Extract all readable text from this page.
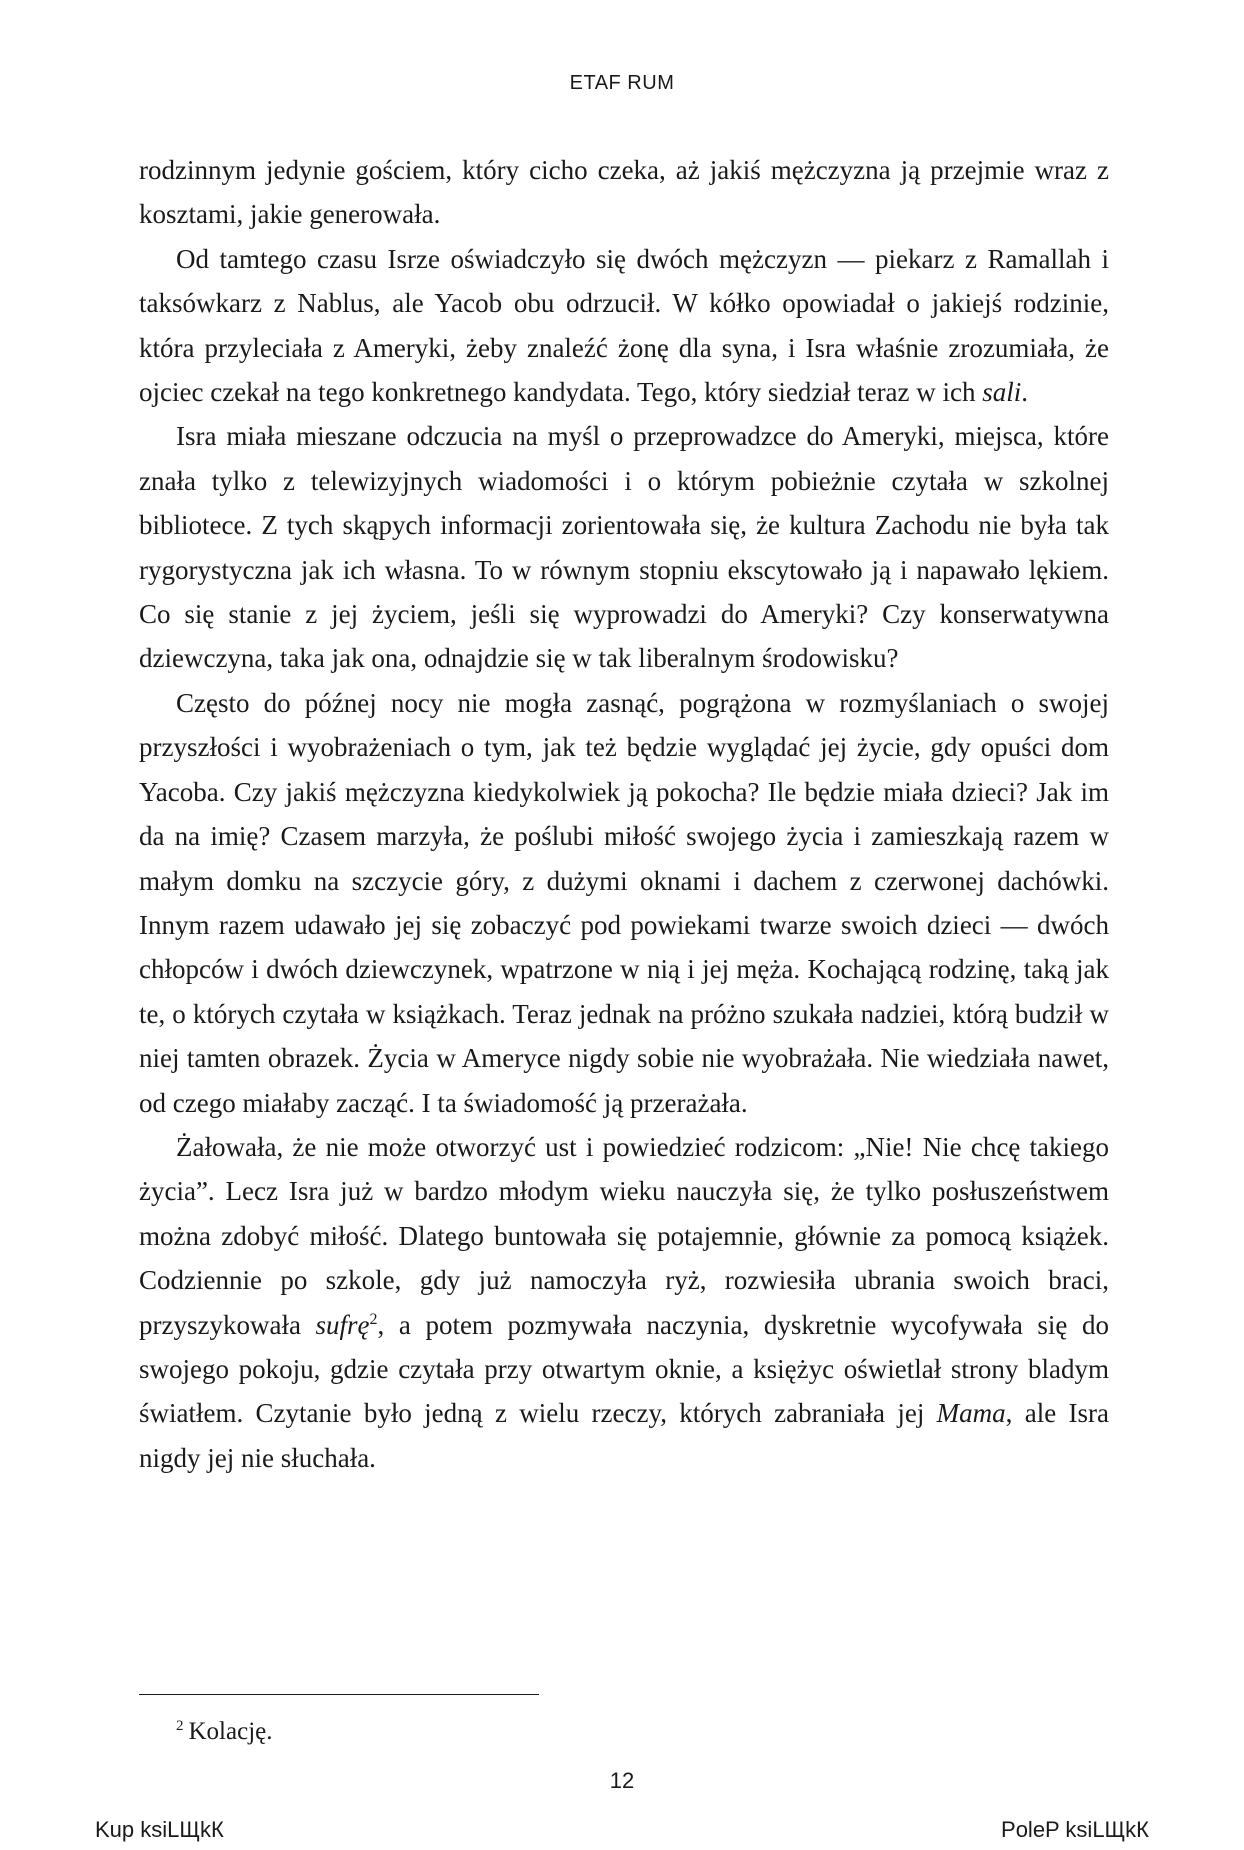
ETAF RUM

rodzinnym jedynie gościem, który cicho czeka, aż jakiś mężczyzna ją przejmie wraz z kosztami, jakie generowała.

Od tamtego czasu Isrze oświadczyło się dwóch mężczyzn — piekarz z Ramallah i taksówkarz z Nablus, ale Yacob obu odrzucił. W kółko opowiadał o jakiejś rodzinie, która przyleciała z Ameryki, żeby znaleźć żonę dla syna, i Isra właśnie zrozumiała, że ojciec czekał na tego konkretnego kandydata. Tego, który siedział teraz w ich sali.

Isra miała mieszane odczucia na myśl o przeprowadzce do Ameryki, miejsca, które znała tylko z telewizyjnych wiadomości i o którym pobieżnie czytała w szkolnej bibliotece. Z tych skąpych informacji zorientowała się, że kultura Zachodu nie była tak rygorystyczna jak ich własna. To w równym stopniu ekscytowało ją i napawało lękiem. Co się stanie z jej życiem, jeśli się wyprowadzi do Ameryki? Czy konserwatywna dziewczyna, taka jak ona, odnajdzie się w tak liberalnym środowisku?

Często do późnej nocy nie mogła zasnąć, pogrążona w rozmyślaniach o swojej przyszłości i wyobrażeniach o tym, jak też będzie wyglądać jej życie, gdy opuści dom Yacoba. Czy jakiś mężczyzna kiedykolwiek ją pokocha? Ile będzie miała dzieci? Jak im da na imię? Czasem marzyła, że poślubi miłość swojego życia i zamieszkają razem w małym domku na szczycie góry, z dużymi oknami i dachem z czerwonej dachówki. Innym razem udawało jej się zobaczyć pod powiekami twarze swoich dzieci — dwóch chłopców i dwóch dziewczynek, wpatrzone w nią i jej męża. Kochającą rodzinę, taką jak te, o których czytała w książkach. Teraz jednak na próżno szukała nadziei, którą budził w niej tamten obrazek. Życia w Ameryce nigdy sobie nie wyobrażała. Nie wiedziała nawet, od czego miałaby zacząć. I ta świadomość ją przerażała.

Żałowała, że nie może otworzyć ust i powiedzieć rodzicom: „Nie! Nie chcę takiego życia”. Lecz Isra już w bardzo młodym wieku nauczyła się, że tylko posłuszeństwem można zdobyć miłość. Dlatego buntowała się potajemnie, głównie za pomocą książek. Codziennie po szkole, gdy już namoczyła ryż, rozwiesiła ubrania swoich braci, przyszykowała sufrę$^2$, a potem pozmywała naczynia, dyskretnie wycofywała się do swojego pokoju, gdzie czytała przy otwartym oknie, a księżyc oświetlał strony bladym światłem. Czytanie było jedną z wielu rzeczy, których zabraniała jej Mama, ale Isra nigdy jej nie słuchała.

$^2$ Kolację.
12
Kup ksiLЩkК	PoleP ksiLЩkК
